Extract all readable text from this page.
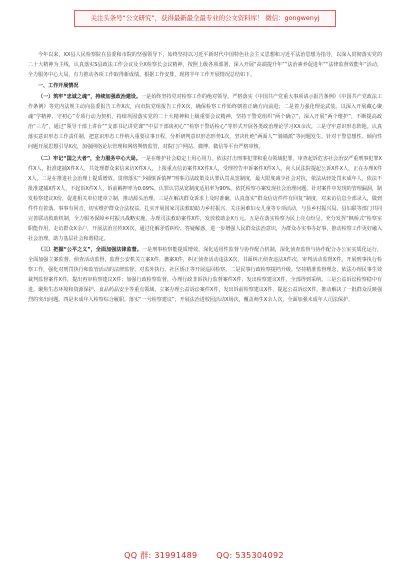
关注头条号“公文研究”，获得最新最全最专业的公文资料库！ 微信：gongwenyj

今年以来，XX县人民检察院在县委和市院的坚强领导下，始终坚持以习近平新时代中国特色社会主义思想和习近平法治思想为指导，以深入贯彻落实党的二十大精神为主线，认真落实S县政法工作会议及全X检察长会议精神，按照上级各项部署，深入开展“高端提升年”“法治素养促进年”“法律监督效能年”活动，全力服务中心大局，有力推动各项工作取得新成绩。根据工作安排，现将半年工作开展情况总结如下。

一、工作开展情况

（一）筑牢“忠诚之魂”，持续加强政治建设。一是始终坚持党对检察工作的绝对领导。严格落实《中国共产党重大事项请示报告条例》《中国共产党政法工作条例》等党内法规主动向县委报告工作X次，向市院党组报告工作X次，确保检察工作始终朝着正确方向前进；二是着力强化理论武装。以深入开展藏心聚魂“学精神、守初心”专项行动为契机，持续巩固落实党的二十大精神和上级重要会议精神，坚持干警党组织“两个确立”，深入开展“两个维护”，不断提高政治“三力”，通过“领导干部上讲台”“支部书记讲党课”“中层干部谈初心”“检察干警话检心”等形式开展各类政治理论学习XX余次。三是守牢意识形态阵地。认真落实意识形态工作责任制，把意识形态工作纳入重要议事日程，分析研判意识形态形势1次，坚决杜绝“两面人”“骑墙派”等问题发生。针对干警思想性、倾向性问题开展思想引导X次，加强网络论坛管理和网络舆情监管，对院门户网站、微博、微信等平台严格审核。

（二）牢记“国之大者”，全力服务中心大局。一是在维护社会稳定上用心用力。依法打击刑事犯罪和重点领域犯罪，审查起诉危害社会治安严重刑事犯罪X件X人，批准逮捕X件X人，共处理群众来信来访X件X人，上报重点信访案件XX件X人，受理控告申诉案件X件X人。向人民法院提起公诉X件X人，正在办理X件X人。二是在推进社会治理上提质增效。贯彻落实“少捕慎诉慎押”刑事司法政策及认罪认罚从宽制度，最大限度减少社会对抗，依法从轻处罚未成年人，依法不批准逮捕X件X人，不起诉X件X人，诉前羁押率为0.09%。认罪认罚从宽制度适用率为90%。依托检察办案发现社会治理问题，针对案件中发现的管理漏洞，制发检察建议X份，促进相关单位建章立制，推动源头治理。三是在解决群众诉求上及时准确。认真落实“群众信访件件有回复”制度，对来访信息全部录入，做到件件有着落、事事有回音，切实维护群众合法权益。扎实开展国家司法救助助力乡村振兴、关注困难妇女儿童等专项活动，与县乡村振兴局、县妇联等部门共同完善联动救助机制，全力服务保障乡村振兴战略实施，办理司法救助案件X件，发放救助金X万元。五是在落实检察为民上亮点纷呈。充分发挥“枫桥式”检察室职能作用，走访群众X余户，开展法治宣传XX次，通过化解矛盾纠纷、答疑解惑，进一步增强人民群众法治意识，为群众办实事办好事，推动检察工作更好融入社会治理，助力基层社会和谐稳定。

（三）把握“公平之义”，全面加强法律监督。一是刑事检察能提质增效。深化适用性监督与协作配合机制，深化侦查监督与协作配合办公室实质化运行，全面加强立案监督、侦查活动监督，监督公安机关立案X件，撤案X件，纠正侦查活动违法X次，书面纠正侦查违法X件次，审判活动监督X件。开展刑事执行检察工作，强化对刑罚执行和监管活动的法律监督，对监外执行、社区矫正等开展巡回检察。二是民事行政检察提档升级。坚持精准监督理念，依法办理民事生效裁判监督案件X件，提出再审检察建议X件；加强行政检察监督，办理行政非诉执行监督案件X件，发出检察建议X件，全部得到采纳。三是公益诉讼检察稳中有进。聚焦生态环境和资源保护、食品药品安全等重点领域，立案办理公益诉讼案件X件，发出诉前检察建议X件，提起公益诉讼X件，推动解决了一批群众反映强烈的突出问题。四是未成年人检察综合履职。落实“一号检察建议”，开展法治进校园活动X场次，覆盖师生X余人次，全面加强未成年人司法保护。

QQ 群: 31991489 QQ: 535304092
